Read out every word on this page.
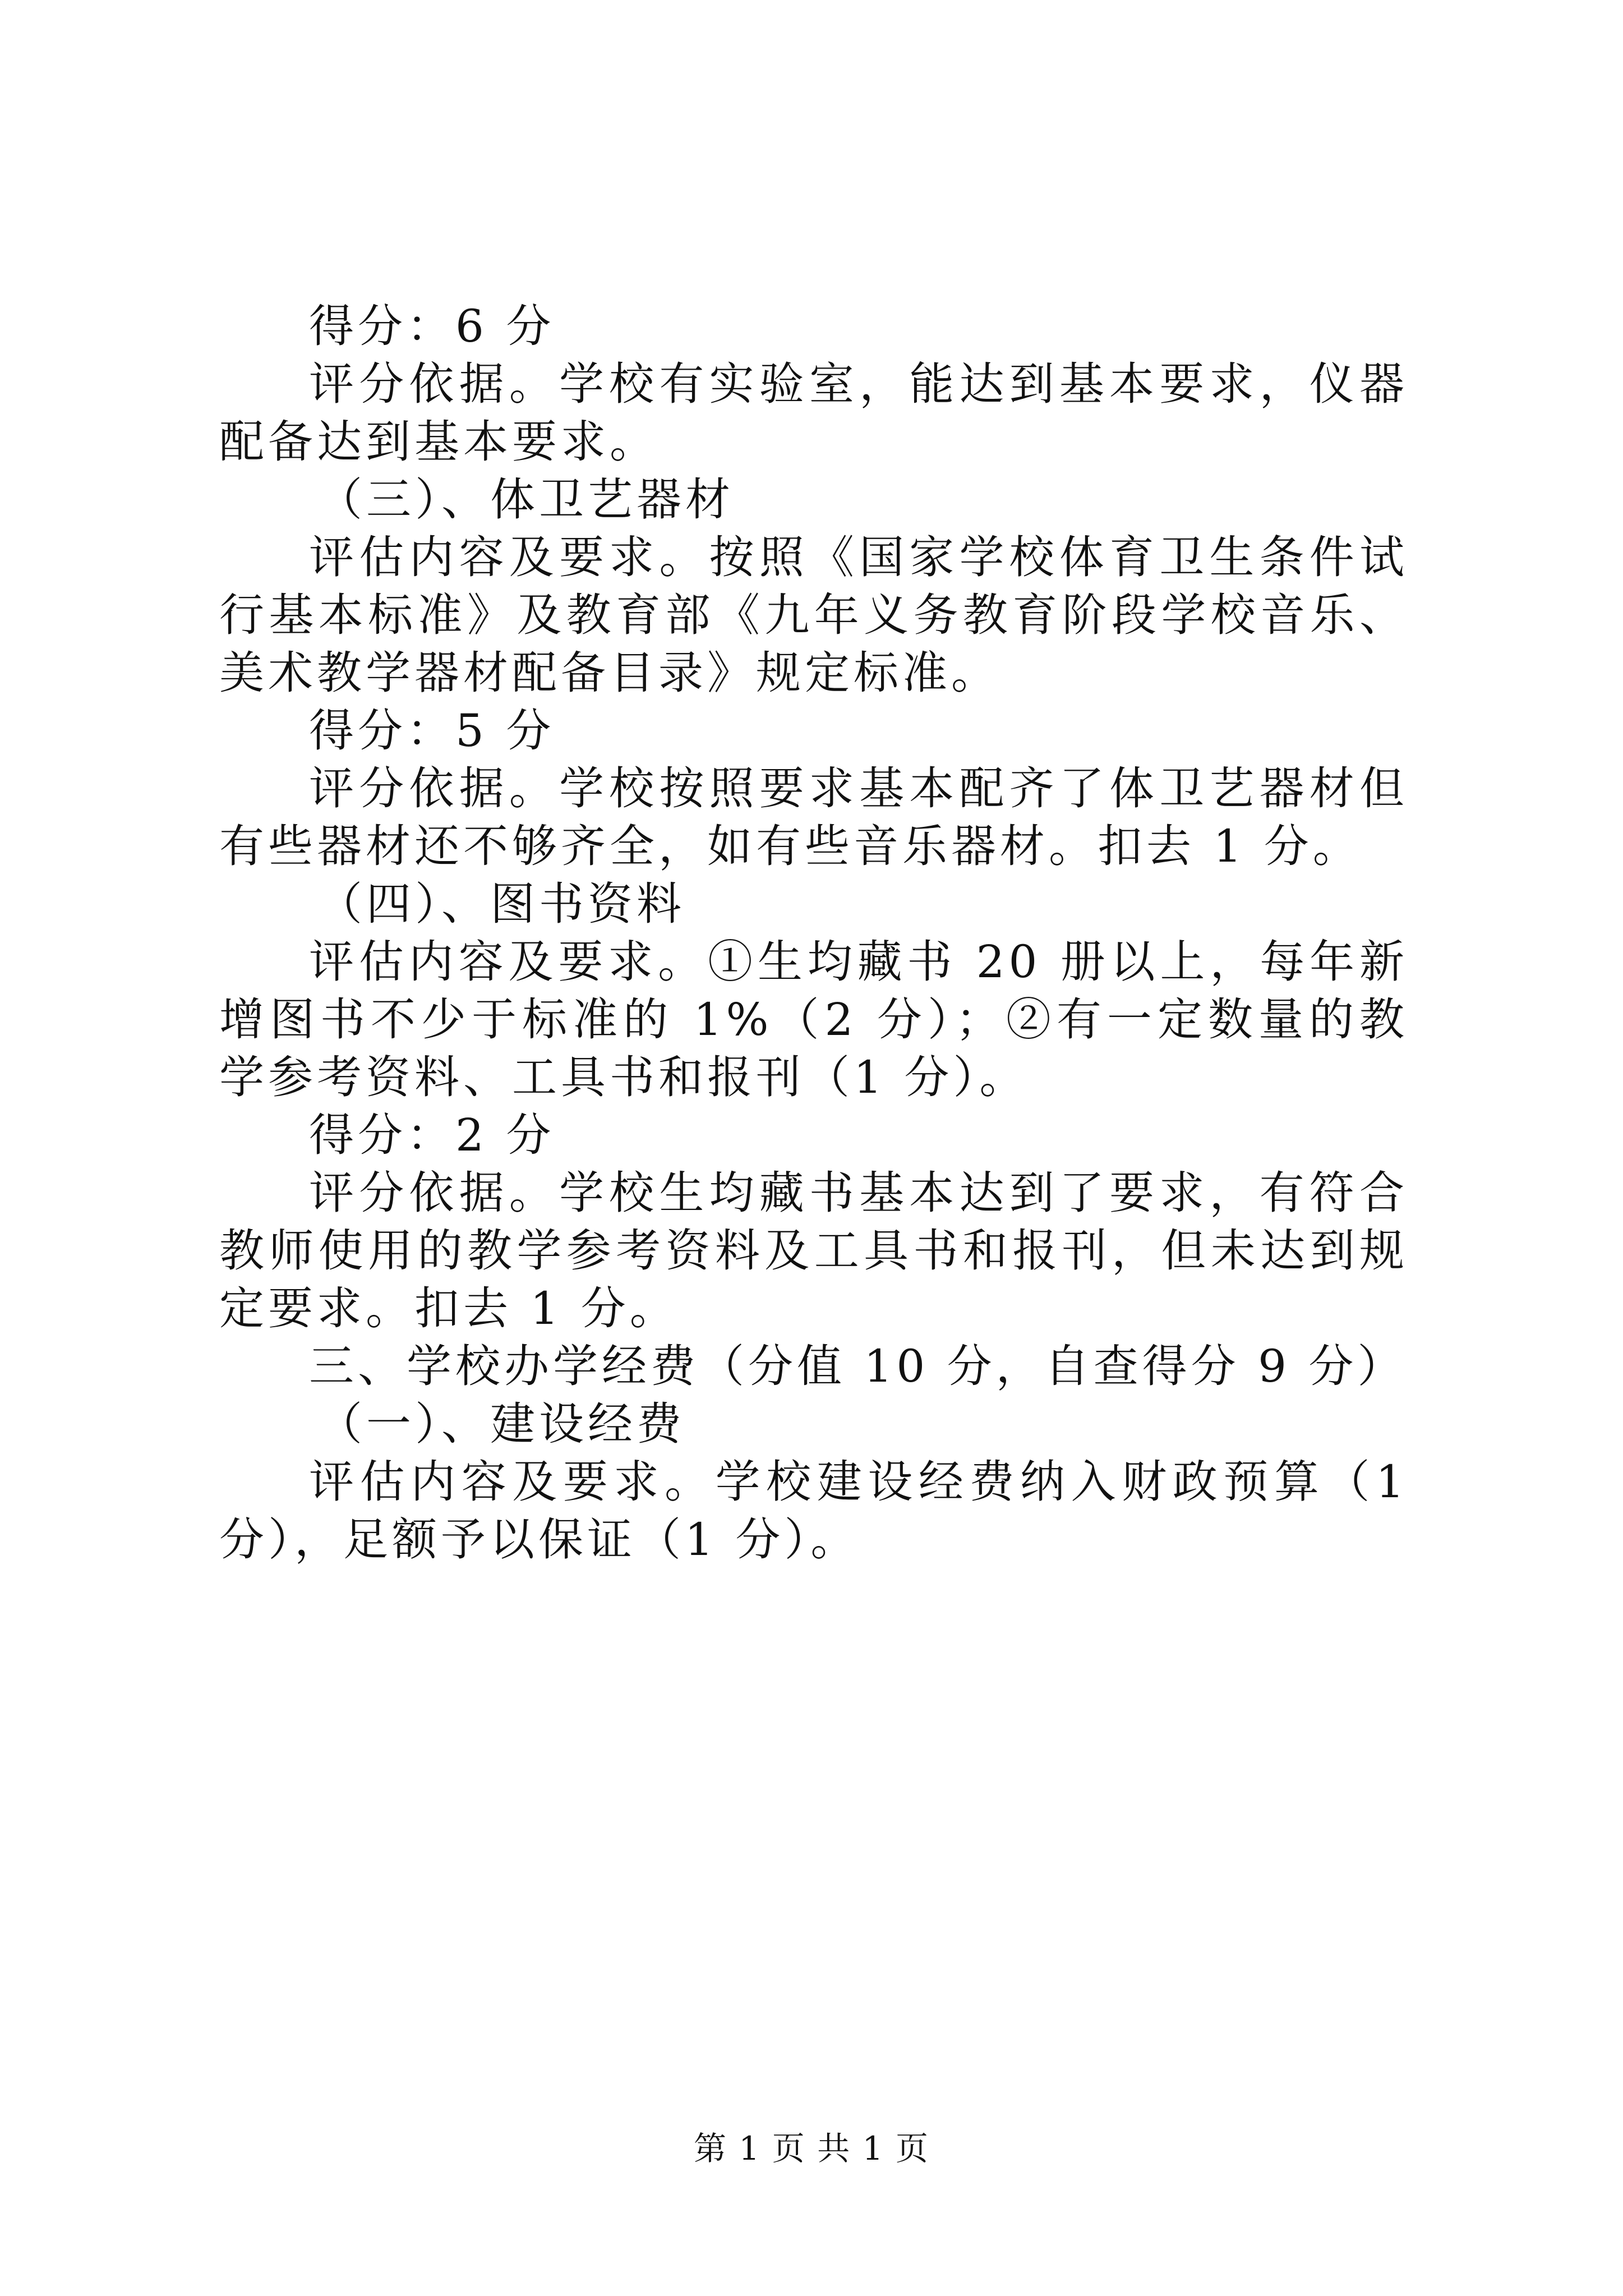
得分：6 分

评分依据。学校有实验室，能达到基本要求，仪器配备达到基本要求。

（三）、体卫艺器材

评估内容及要求。按照《国家学校体育卫生条件试行基本标准》及教育部《九年义务教育阶段学校音乐、美术教学器材配备目录》规定标准。

得分：5 分

评分依据。学校按照要求基本配齐了体卫艺器材但有些器材还不够齐全，如有些音乐器材。扣去 1 分。

（四）、图书资料

评估内容及要求。①生均藏书 20 册以上，每年新增图书不少于标准的 1%（2 分）；②有一定数量的教学参考资料、工具书和报刊（1 分）。

得分：2 分

评分依据。学校生均藏书基本达到了要求，有符合教师使用的教学参考资料及工具书和报刊，但未达到规定要求。扣去 1 分。

三、学校办学经费（分值 10 分，自查得分 9 分）

（一）、建设经费

评估内容及要求。学校建设经费纳入财政预算（1 分），足额予以保证（1 分）。

第 1 页 共 1 页
